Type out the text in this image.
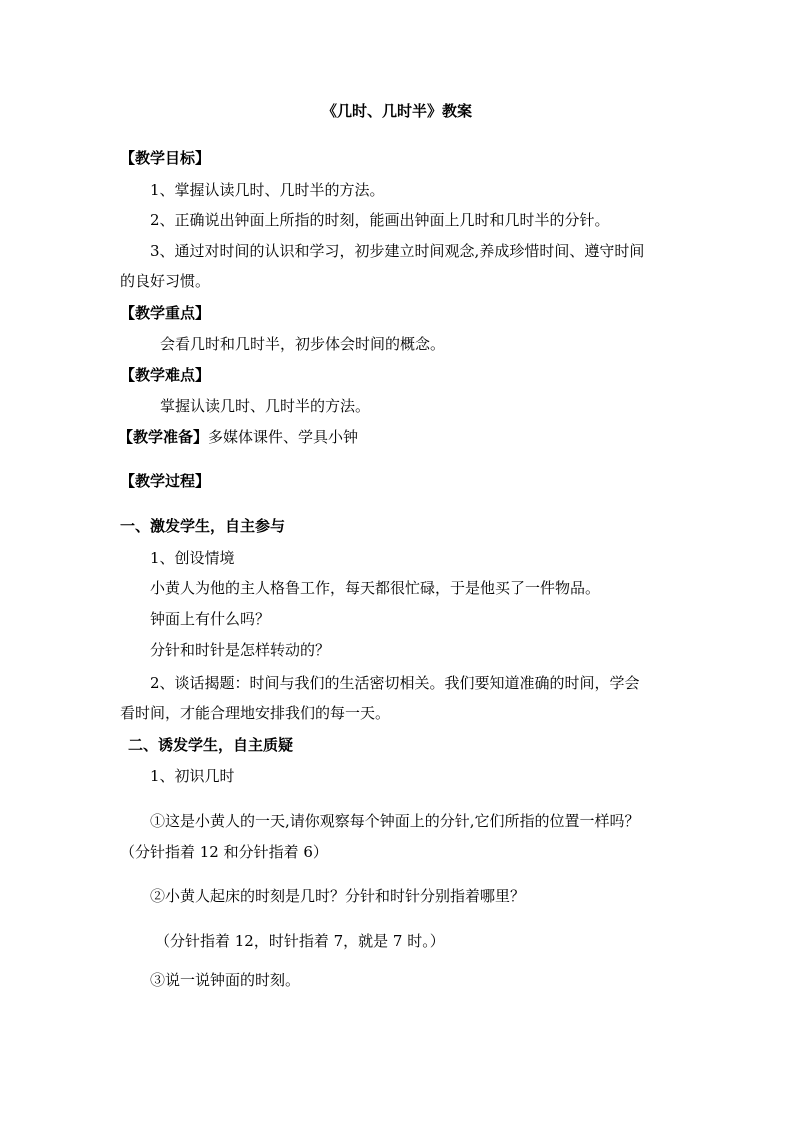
《几时、几时半》教案
【教学目标】
1、掌握认读几时、几时半的方法。
2、正确说出钟面上所指的时刻，能画出钟面上几时和几时半的分针。
3、通过对时间的认识和学习，初步建立时间观念,养成珍惜时间、遵守时间
的良好习惯。
【教学重点】
会看几时和几时半，初步体会时间的概念。
【教学难点】
掌握认读几时、几时半的方法。
【教学准备】多媒体课件、学具小钟
【教学过程】
一、激发学生，自主参与
1、创设情境
小黄人为他的主人格鲁工作，每天都很忙碌，于是他买了一件物品。
钟面上有什么吗？
分针和时针是怎样转动的？
2、谈话揭题：时间与我们的生活密切相关。我们要知道准确的时间，学会
看时间，才能合理地安排我们的每一天。
二、诱发学生，自主质疑
1、初识几时
①这是小黄人的一天,请你观察每个钟面上的分针,它们所指的位置一样吗？
（分针指着 12 和分针指着 6）
②小黄人起床的时刻是几时？分针和时针分别指着哪里？
（分针指着 12，时针指着 7，就是 7 时。）
③说一说钟面的时刻。
